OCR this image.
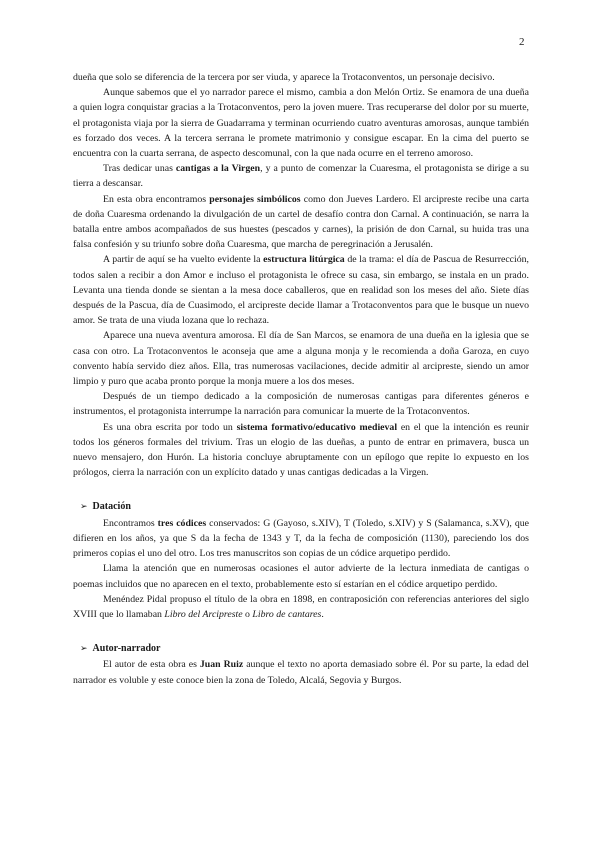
2

dueña que solo se diferencia de la tercera por ser viuda, y aparece la Trotaconventos, un personaje decisivo.

Aunque sabemos que el yo narrador parece el mismo, cambia a don Melón Ortiz. Se enamora de una dueña a quien logra conquistar gracias a la Trotaconventos, pero la joven muere. Tras recuperarse del dolor por su muerte, el protagonista viaja por la sierra de Guadarrama y terminan ocurriendo cuatro aventuras amorosas, aunque también es forzado dos veces. A la tercera serrana le promete matrimonio y consigue escapar. En la cima del puerto se encuentra con la cuarta serrana, de aspecto descomunal, con la que nada ocurre en el terreno amoroso.

Tras dedicar unas cantigas a la Virgen, y a punto de comenzar la Cuaresma, el protagonista se dirige a su tierra a descansar.

En esta obra encontramos personajes simbólicos como don Jueves Lardero. El arcipreste recibe una carta de doña Cuaresma ordenando la divulgación de un cartel de desafío contra don Carnal. A continuación, se narra la batalla entre ambos acompañados de sus huestes (pescados y carnes), la prisión de don Carnal, su huida tras una falsa confesión y su triunfo sobre doña Cuaresma, que marcha de peregrinación a Jerusalén.

A partir de aquí se ha vuelto evidente la estructura litúrgica de la trama: el día de Pascua de Resurrección, todos salen a recibir a don Amor e incluso el protagonista le ofrece su casa, sin embargo, se instala en un prado. Levanta una tienda donde se sientan a la mesa doce caballeros, que en realidad son los meses del año. Siete días después de la Pascua, día de Cuasimodo, el arcipreste decide llamar a Trotaconventos para que le busque un nuevo amor. Se trata de una viuda lozana que lo rechaza.

Aparece una nueva aventura amorosa. El día de San Marcos, se enamora de una dueña en la iglesia que se casa con otro. La Trotaconventos le aconseja que ame a alguna monja y le recomienda a doña Garoza, en cuyo convento había servido diez años. Ella, tras numerosas vacilaciones, decide admitir al arcipreste, siendo un amor limpio y puro que acaba pronto porque la monja muere a los dos meses.

Después de un tiempo dedicado a la composición de numerosas cantigas para diferentes géneros e instrumentos, el protagonista interrumpe la narración para comunicar la muerte de la Trotaconventos.

Es una obra escrita por todo un sistema formativo/educativo medieval en el que la intención es reunir todos los géneros formales del trivium. Tras un elogio de las dueñas, a punto de entrar en primavera, busca un nuevo mensajero, don Hurón. La historia concluye abruptamente con un epílogo que repite lo expuesto en los prólogos, cierra la narración con un explícito datado y unas cantigas dedicadas a la Virgen.

➢ Datación

Encontramos tres códices conservados: G (Gayoso, s.XIV), T (Toledo, s.XIV) y S (Salamanca, s.XV), que difieren en los años, ya que S da la fecha de 1343 y T, da la fecha de composición (1130), pareciendo los dos primeros copias el uno del otro. Los tres manuscritos son copias de un códice arquetipo perdido.

Llama la atención que en numerosas ocasiones el autor advierte de la lectura inmediata de cantigas o poemas incluidos que no aparecen en el texto, probablemente esto sí estarían en el códice arquetipo perdido.

Menéndez Pidal propuso el título de la obra en 1898, en contraposición con referencias anteriores del siglo XVIII que lo llamaban Libro del Arcipreste o Libro de cantares.

➢ Autor-narrador

El autor de esta obra es Juan Ruiz aunque el texto no aporta demasiado sobre él. Por su parte, la edad del narrador es voluble y este conoce bien la zona de Toledo, Alcalá, Segovia y Burgos.
